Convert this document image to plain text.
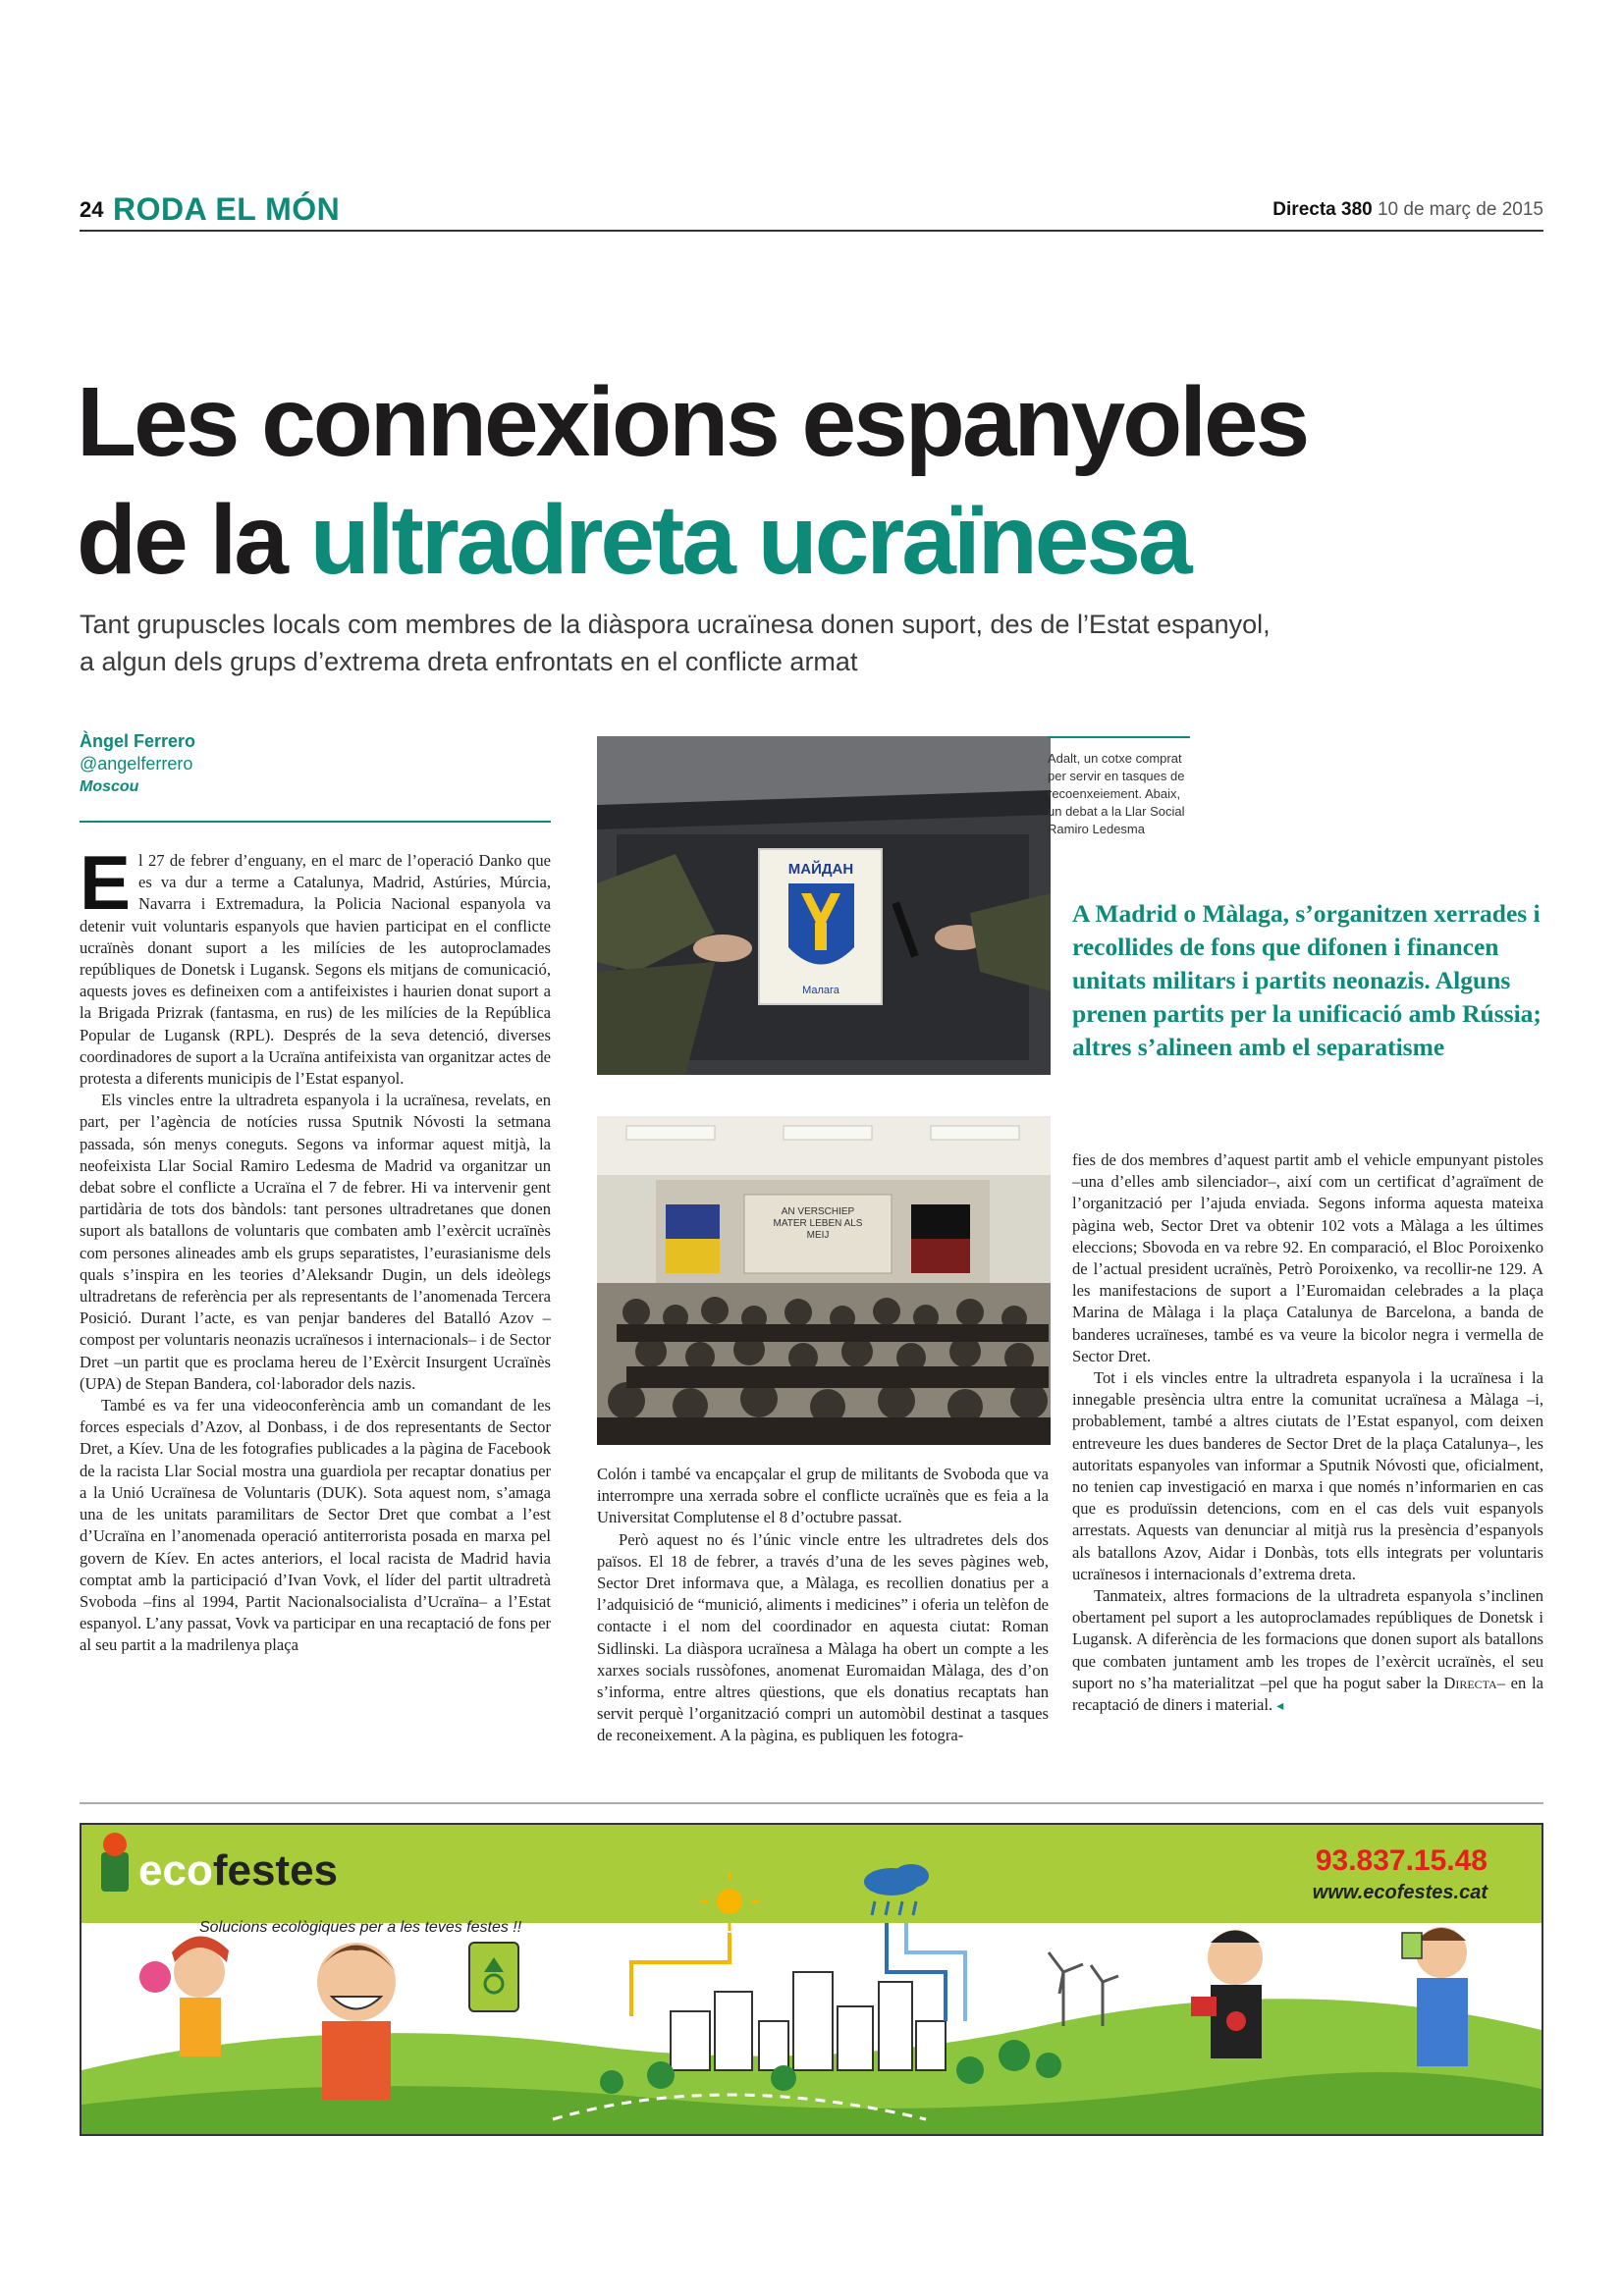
24 RODA EL MÓN	Directa 380 10 de març de 2015
Les connexions espanyoles
de la ultradreta ucraïnesa
Tant grupuscles locals com membres de la diàspora ucraïnesa donen suport, des de l’Estat espanyol,
a algun dels grups d’extrema dreta enfrontats en el conflicte armat
Àngel Ferrero
@angelferrero
Moscou

El 27 de febrer d’enguany, en el marc de l’operació Danko que es va dur a terme a Catalunya, Madrid, Astúries, Múrcia, Navarra i Extremadura, la Policia Nacional espanyola va detenir vuit voluntaris espanyols que havien participat en el conflicte ucraïnès donant suport a les milícies de les autoproclamades repúbliques de Donetsk i Lugansk. Segons els mitjans de comunicació, aquests joves es defineixen com a antifeixistes i haurien donat suport a la Brigada Prizrak (fantasma, en rus) de les milícies de la República Popular de Lugansk (RPL). Després de la seva detenció, diverses coordinadores de suport a la Ucraïna antifeixista van organitzar actes de protesta a diferents municipis de l’Estat espanyol.

Els vincles entre la ultradreta espanyola i la ucraïnesa, revelats, en part, per l’agència de notícies russa Sputnik Nóvosti la setmana passada, són menys coneguts. Segons va informar aquest mitjà, la neofeixista Llar Social Ramiro Ledesma de Madrid va organitzar un debat sobre el conflicte a Ucraïna el 7 de febrer. Hi va intervenir gent partidària de tots dos bàndols: tant persones ultradretanes que donen suport als batallons de voluntaris que combaten amb l’exèrcit ucraïnès com persones alineades amb els grups separatistes, l’eurasianisme dels quals s’inspira en les teories d’Aleksandr Dugin, un dels ideòlegs ultradretans de referència per als representants de l’anomenada Tercera Posició. Durant l’acte, es van penjar banderes del Batalló Azov –compost per voluntaris neonazis ucraïnesos i internacionals– i de Sector Dret –un partit que es proclama hereu de l’Exèrcit Insurgent Ucraïnès (UPA) de Stepan Bandera, col·laborador dels nazis.

També es va fer una videoconferència amb un comandant de les forces especials d’Azov, al Donbass, i de dos representants de Sector Dret, a Kíev. Una de les fotografies publicades a la pàgina de Facebook de la racista Llar Social mostra una guardiola per recaptar donatius per a la Unió Ucraïnesa de Voluntaris (DUK). Sota aquest nom, s’amaga una de les unitats paramilitars de Sector Dret que combat a l’est d’Ucraïna en l’anomenada operació antiterrorista posada en marxa pel govern de Kíev. En actes anteriors, el local racista de Madrid havia comptat amb la participació d’Ivan Vovk, el líder del partit ultradretà Svoboda –fins al 1994, Partit Nacionalsocialista d’Ucraïna– a l’Estat espanyol. L’any passat, Vovk va participar en una recaptació de fons per al seu partit a la madrilenya plaça

МАЙДАН
Малага
AN VERSCHIEP MATER LEBEN ALS MEIJ

Colón i també va encapçalar el grup de militants de Svoboda que va interrompre una xerrada sobre el conflicte ucraïnès que es feia a la Universitat Complutense el 8 d’octubre passat.

Però aquest no és l’únic vincle entre les ultradretes dels dos països. El 18 de febrer, a través d’una de les seves pàgines web, Sector Dret informava que, a Màlaga, es recollien donatius per a l’adquisició de “munició, aliments i medicines” i oferia un telèfon de contacte i el nom del coordinador en aquesta ciutat: Roman Sidlinski. La diàspora ucraïnesa a Màlaga ha obert un compte a les xarxes socials russòfones, anomenat Euromaidan Màlaga, des d’on s’informa, entre altres qüestions, que els donatius recaptats han servit perquè l’organització compri un automòbil destinat a tasques de reconeixement. A la pàgina, es publiquen les fotogra-

Adalt, un cotxe comprat per servir en tasques de recoenxeiement. Abaix, un debat a la Llar Social Ramiro Ledesma
A Madrid o Màlaga, s’organitzen xerrades i recollides de fons que difonen i financen unitats militars i partits neonazis. Alguns prenen partits per la unificació amb Rússia; altres s’alineen amb el separatisme

fies de dos membres d’aquest partit amb el vehicle empunyant pistoles –una d’elles amb silenciador–, així com un certificat d’agraïment de l’organització per l’ajuda enviada. Segons informa aquesta mateixa pàgina web, Sector Dret va obtenir 102 vots a Màlaga a les últimes eleccions; Sbovoda en va rebre 92. En comparació, el Bloc Poroixenko de l’actual president ucraïnès, Petrò Poroixenko, va recollir-ne 129. A les manifestacions de suport a l’Euromaidan celebrades a la plaça Marina de Màlaga i la plaça Catalunya de Barcelona, a banda de banderes ucraïneses, també es va veure la bicolor negra i vermella de Sector Dret.

Tot i els vincles entre la ultradreta espanyola i la ucraïnesa i la innegable presència ultra entre la comunitat ucraïnesa a Màlaga –i, probablement, també a altres ciutats de l’Estat espanyol, com deixen entreveure les dues banderes de Sector Dret de la plaça Catalunya–, les autoritats espanyoles van informar a Sputnik Nóvosti que, oficialment, no tenien cap investigació en marxa i que només n’informarien en cas que es produïssin detencions, com en el cas dels vuit espanyols arrestats. Aquests van denunciar al mitjà rus la presència d’espanyols als batallons Azov, Aidar i Donbàs, tots ells integrats per voluntaris ucraïnesos i internacionals d’extrema dreta.

Tanmateix, altres formacions de la ultradreta espanyola s’inclinen obertament pel suport a les autoproclamades repúbliques de Donetsk i Lugansk. A diferència de les formacions que donen suport als batallons que combaten juntament amb les tropes de l’exèrcit ucraïnès, el seu suport no s’ha materialitzat –pel que ha pogut saber la Directa– en la recaptació de diners i material. ◂

ecofestes
Solucions ecològiques per a les teves festes !!
93.837.15.48
www.ecofestes.cat
